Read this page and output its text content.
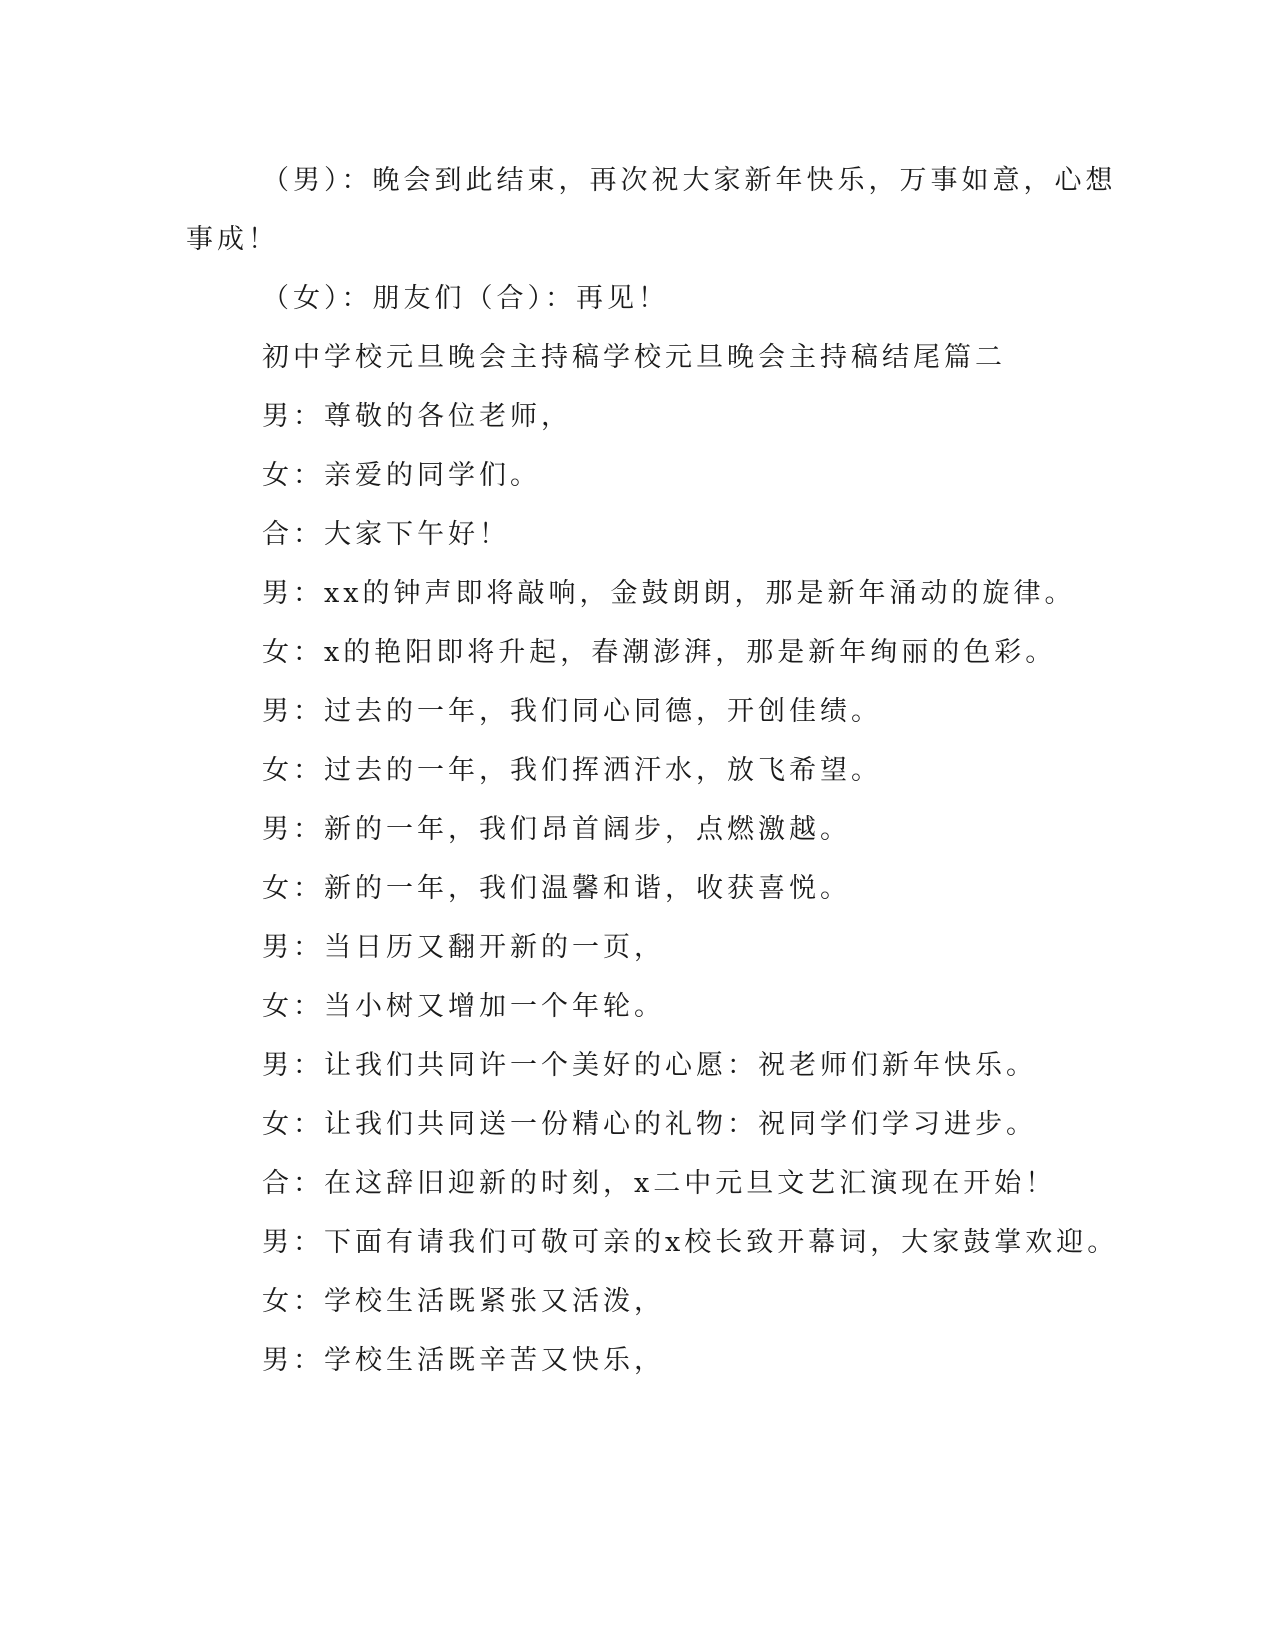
（男）：晚会到此结束，再次祝大家新年快乐，万事如意，心想
事成！
（女）：朋友们（合）：再见！
初中学校元旦晚会主持稿学校元旦晚会主持稿结尾篇二
男：尊敬的各位老师，
女：亲爱的同学们。
合：大家下午好！
男：xx的钟声即将敲响，金鼓朗朗，那是新年涌动的旋律。
女：x的艳阳即将升起，春潮澎湃，那是新年绚丽的色彩。
男：过去的一年，我们同心同德，开创佳绩。
女：过去的一年，我们挥洒汗水，放飞希望。
男：新的一年，我们昂首阔步，点燃激越。
女：新的一年，我们温馨和谐，收获喜悦。
男：当日历又翻开新的一页，
女：当小树又增加一个年轮。
男：让我们共同许一个美好的心愿：祝老师们新年快乐。
女：让我们共同送一份精心的礼物：祝同学们学习进步。
合：在这辞旧迎新的时刻，x二中元旦文艺汇演现在开始！
男：下面有请我们可敬可亲的x校长致开幕词，大家鼓掌欢迎。
女：学校生活既紧张又活泼，
男：学校生活既辛苦又快乐，
